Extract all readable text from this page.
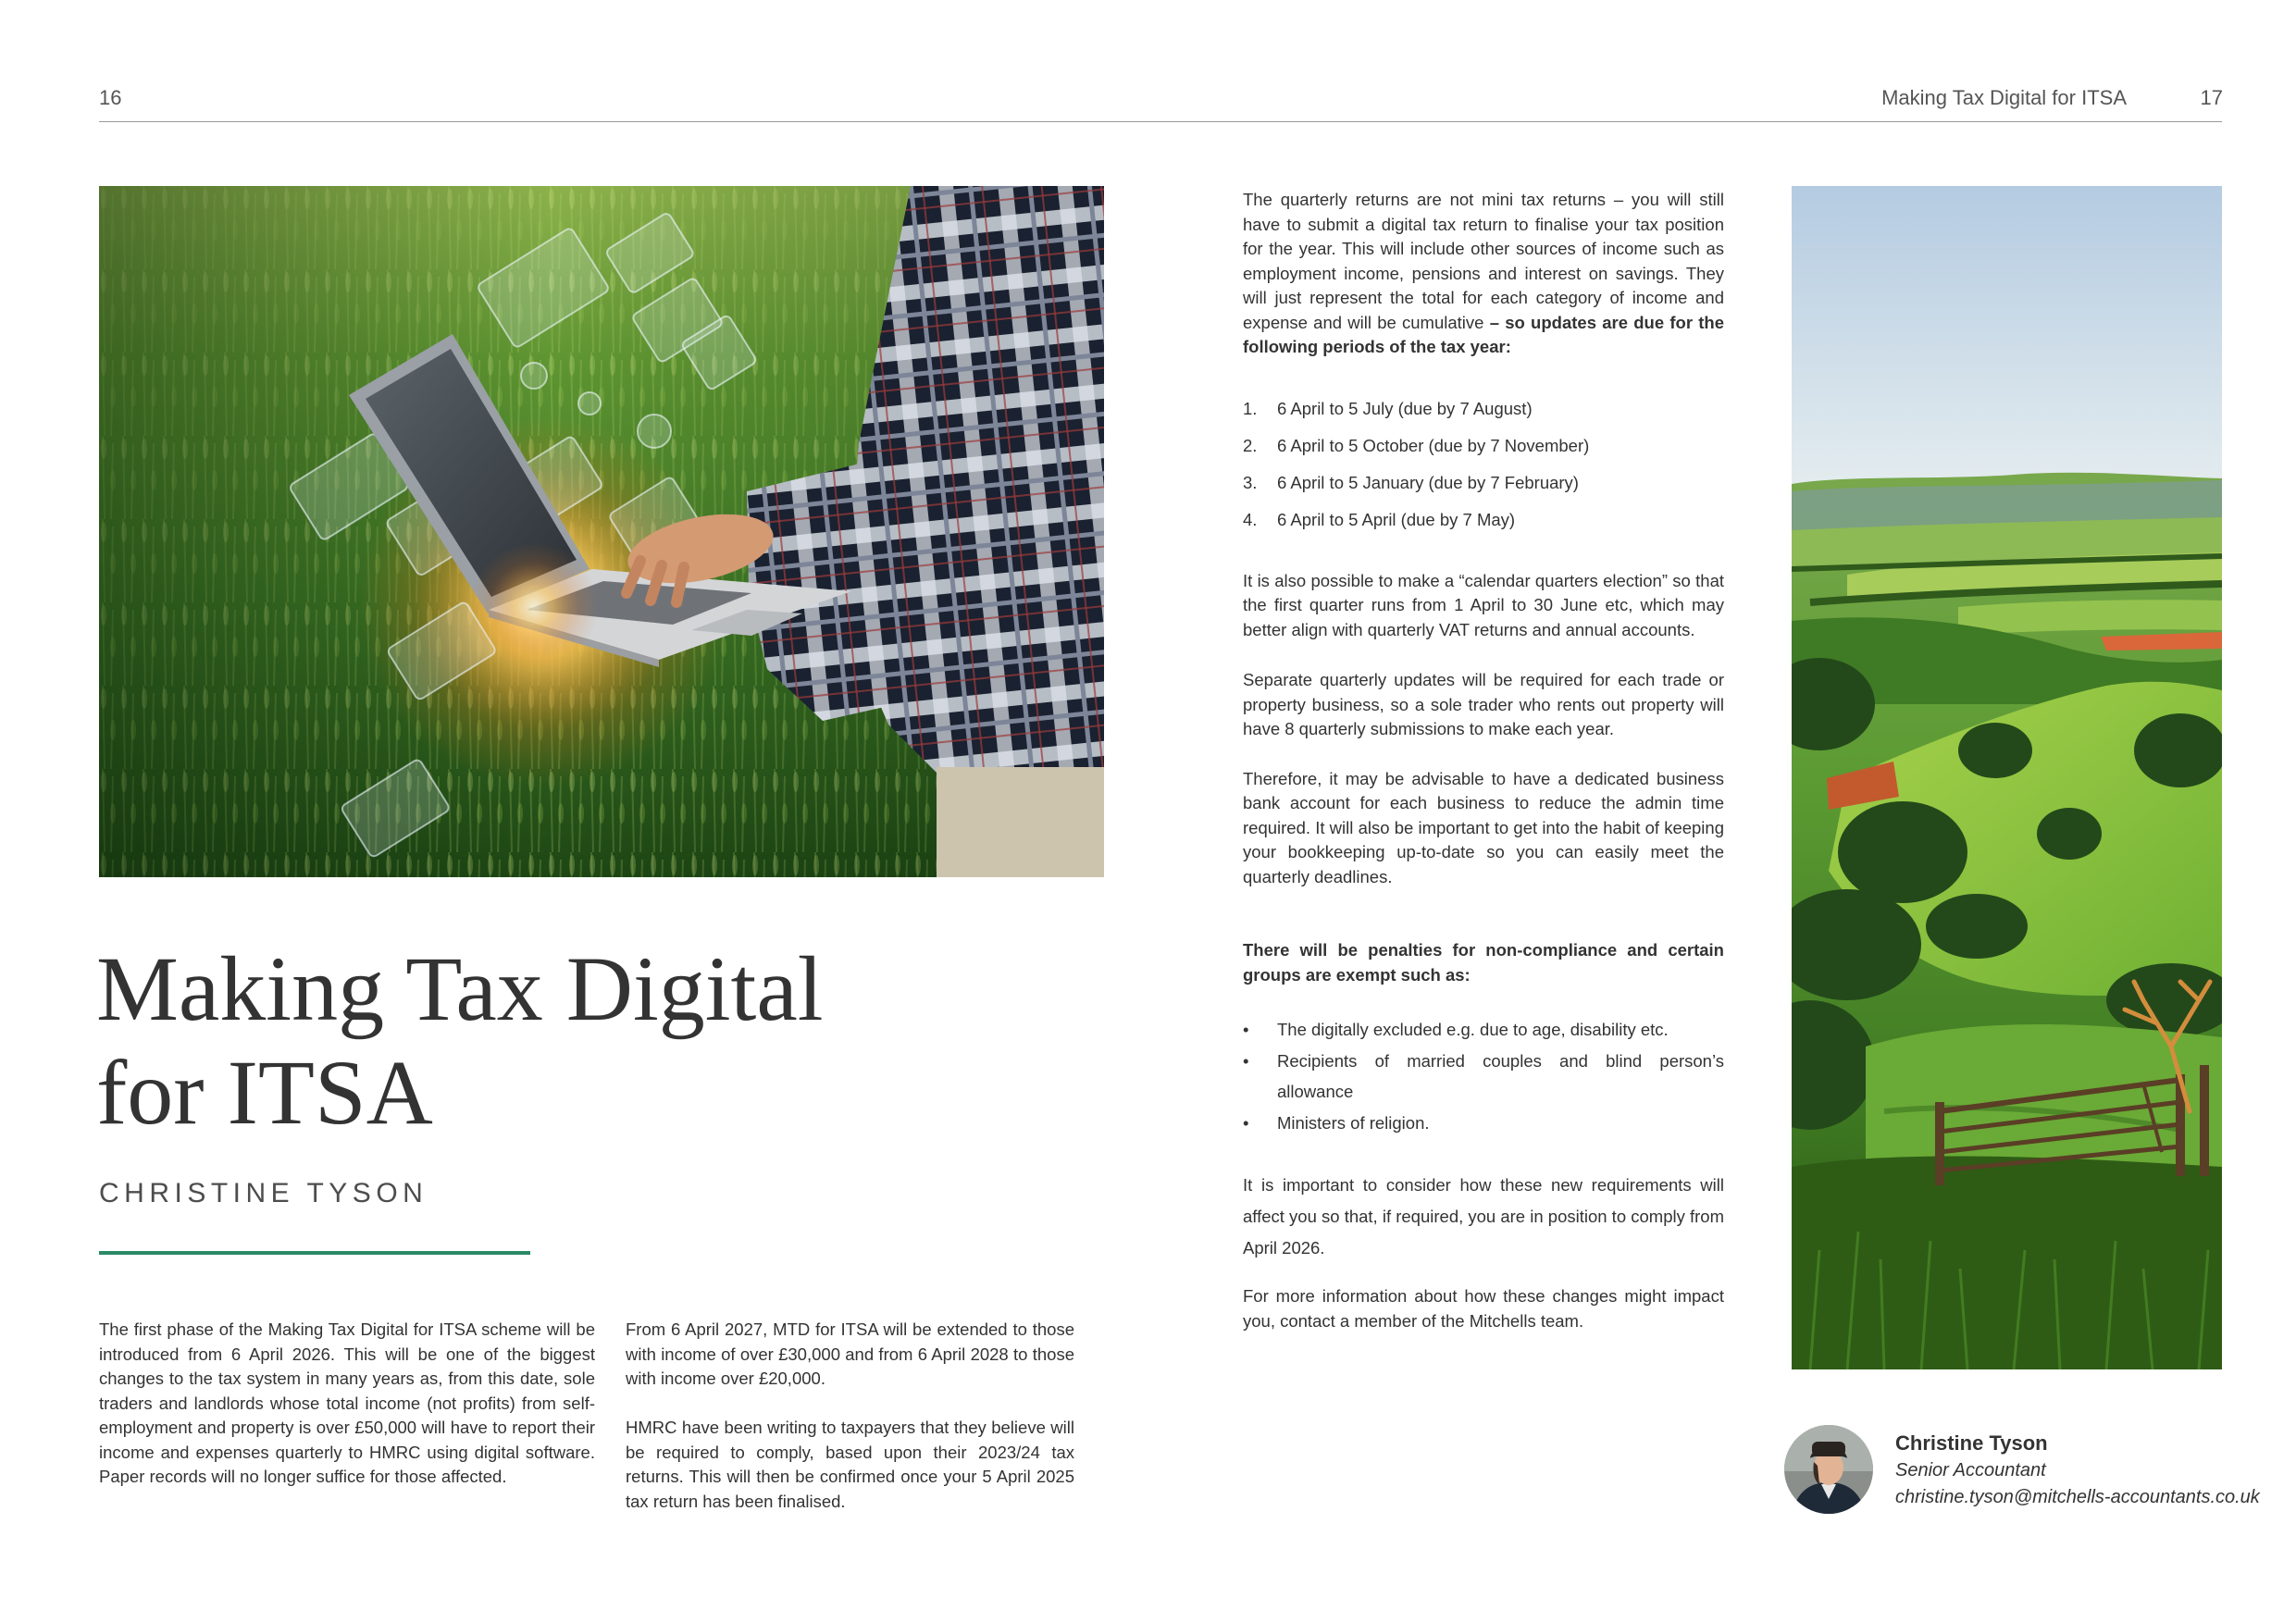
16	Making Tax Digital for ITSA	17
Making Tax Digital
for ITSA
CHRISTINE TYSON

The first phase of the Making Tax Digital for ITSA scheme will be introduced from 6 April 2026. This will be one of the biggest changes to the tax system in many years as, from this date, sole traders and landlords whose total income (not profits) from self-employment and property is over £50,000 will have to report their income and expenses quarterly to HMRC using digital software. Paper records will no longer suffice for those affected.

From 6 April 2027, MTD for ITSA will be extended to those with income of over £30,000 and from 6 April 2028 to those with income over £20,000.

HMRC have been writing to taxpayers that they believe will be required to comply, based upon their 2023/24 tax returns. This will then be confirmed once your 5 April 2025 tax return has been finalised.

The quarterly returns are not mini tax returns – you will still have to submit a digital tax return to finalise your tax position for the year. This will include other sources of income such as employment income, pensions and interest on savings. They will just represent the total for each category of income and expense and will be cumulative – so updates are due for the following periods of the tax year:

1.	6 April to 5 July (due by 7 August)
2.	6 April to 5 October (due by 7 November)
3.	6 April to 5 January (due by 7 February)
4.	6 April to 5 April (due by 7 May)

It is also possible to make a “calendar quarters election” so that the first quarter runs from 1 April to 30 June etc, which may better align with quarterly VAT returns and annual accounts.

Separate quarterly updates will be required for each trade or property business, so a sole trader who rents out property will have 8 quarterly submissions to make each year.

Therefore, it may be advisable to have a dedicated business bank account for each business to reduce the admin time required. It will also be important to get into the habit of keeping your bookkeeping up-to-date so you can easily meet the quarterly deadlines.

There will be penalties for non-compliance and certain groups are exempt such as:

•	The digitally excluded e.g. due to age, disability etc.
•	Recipients of married couples and blind person’s allowance
•	Ministers of religion.

It is important to consider how these new requirements will affect you so that, if required, you are in position to comply from April 2026.

For more information about how these changes might impact you, contact a member of the Mitchells team.

Christine Tyson
Senior Accountant
christine.tyson@mitchells-accountants.co.uk
